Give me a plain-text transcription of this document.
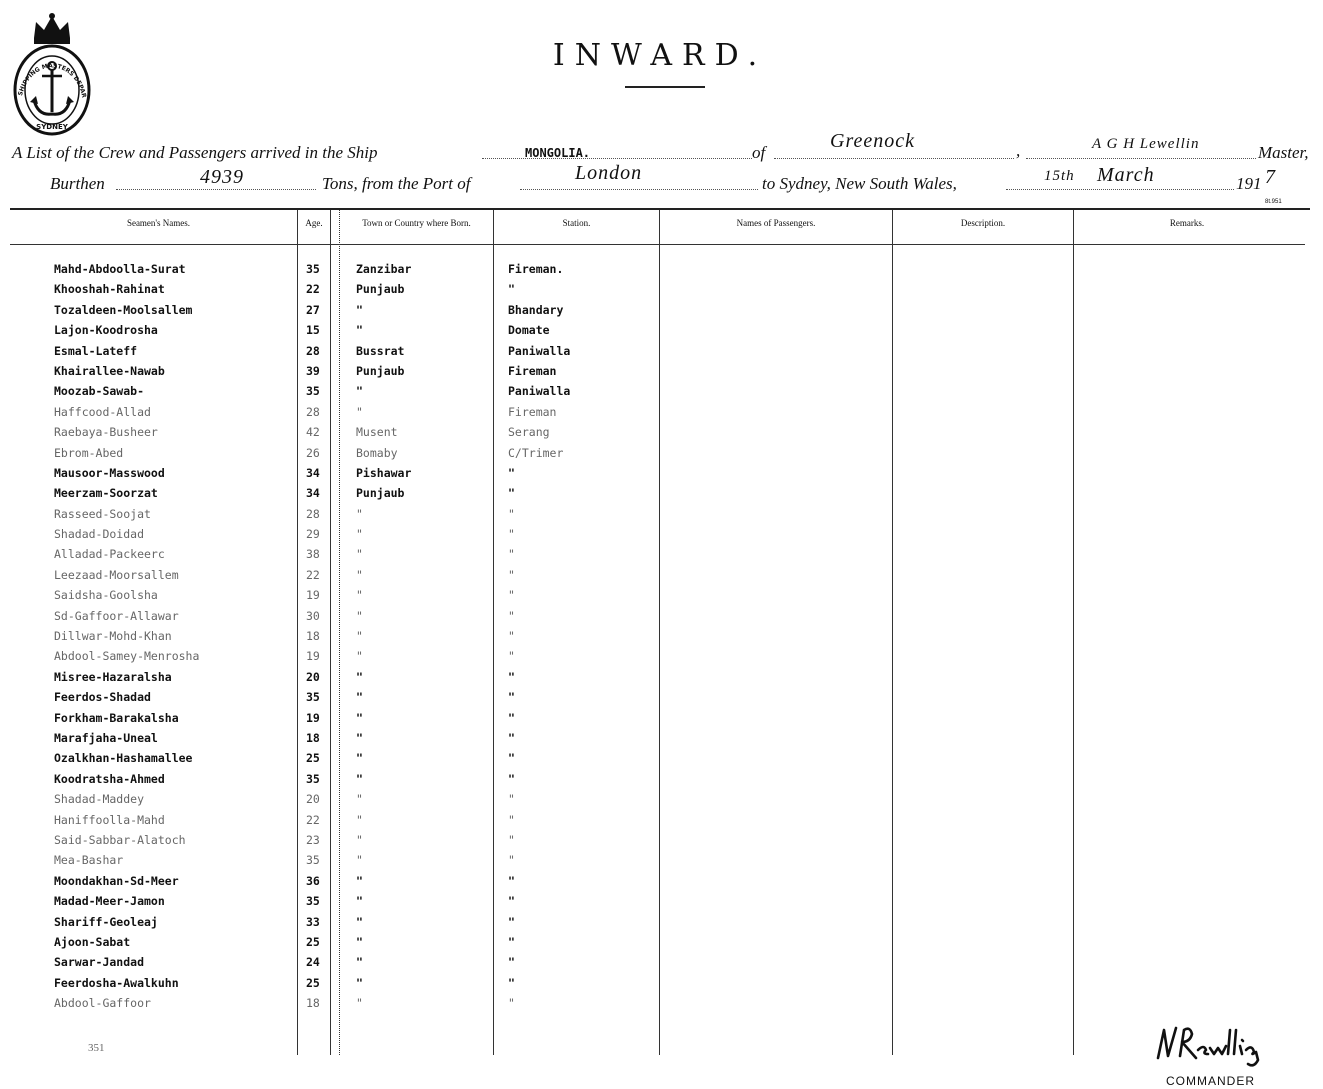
SHIPPING MASTERS DEPAR
SYDNEY
INWARD.
A List of the Crew and Passengers arrived in the Ship	MONGOLIA.	of
Greenock	,	A G H Lewellin	Master,
Burthen	4939	Tons, from the Port of	London	to Sydney, New South Wales,	15th March	191 7
8t.951
Seamen's Names.	Age.	Town or Country where Born.	Station.	Names of Passengers.	Description.	Remarks.
Mahd-Abdoolla-Surat	35	Zanzibar	Fireman.
Khooshah-Rahinat	22	Punjaub	"
Tozaldeen-Moolsallem	27	"	Bhandary
Lajon-Koodrosha	15	"	Domate
Esmal-Lateff	28	Bussrat	Paniwalla
Khairallee-Nawab	39	Punjaub	Fireman
Moozab-Sawab-	35	"	Paniwalla
Haffcood-Allad	28	"	Fireman
Raebaya-Busheer	42	Musent	Serang
Ebrom-Abed	26	Bomaby	C/Trimer
Mausoor-Masswood	34	Pishawar	"
Meerzam-Soorzat	34	Punjaub	"
Rasseed-Soojat	28	"	"
Shadad-Doidad	29	"	"
Alladad-Packeerc	38	"	"
Leezaad-Moorsallem	22	"	"
Saidsha-Goolsha	19	"	"
Sd-Gaffoor-Allawar	30	"	"
Dillwar-Mohd-Khan	18	"	"
Abdool-Samey-Menrosha	19	"	"
Misree-Hazaralsha	20	"	"
Feerdos-Shadad	35	"	"
Forkham-Barakalsha	19	"	"
Marafjaha-Uneal	18	"	"
Ozalkhan-Hashamallee	25	"	"
Koodratsha-Ahmed	35	"	"
Shadad-Maddey	20	"	"
Haniffoolla-Mahd	22	"	"
Said-Sabbar-Alatoch	23	"	"
Mea-Bashar	35	"	"
Moondakhan-Sd-Meer	36	"	"
Madad-Meer-Jamon	35	"	"
Shariff-Geoleaj	33	"	"
Ajoon-Sabat	25	"	"
Sarwar-Jandad	24	"	"
Feerdosha-Awalkuhn	25	"	"
Abdool-Gaffoor	18	"	"
351
COMMANDER
